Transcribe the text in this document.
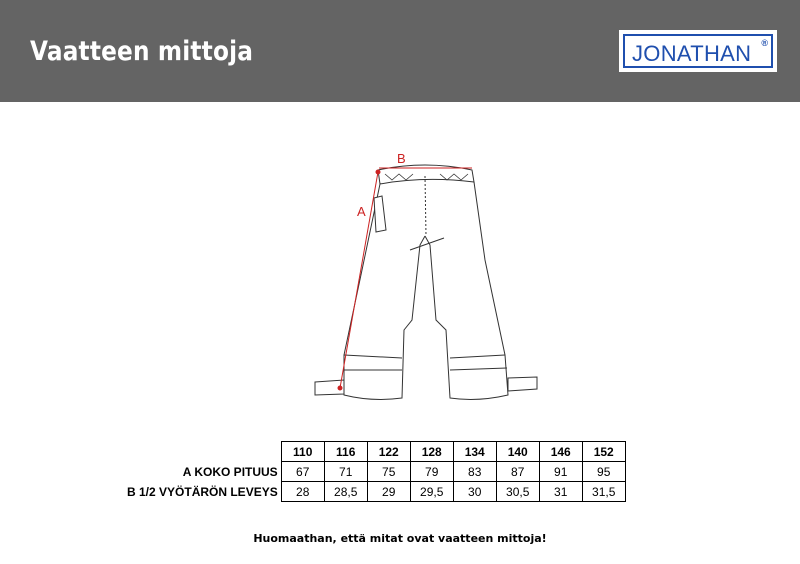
Vaatteen mittoja	JONATHAN ®
A
B
	110	116	122	128	134	140	146	152
A KOKO PITUUS	67	71	75	79	83	87	91	95
B 1/2 VYÖTÄRÖN LEVEYS	28	28,5	29	29,5	30	30,5	31	31,5
Huomaathan, että mitat ovat vaatteen mittoja!
